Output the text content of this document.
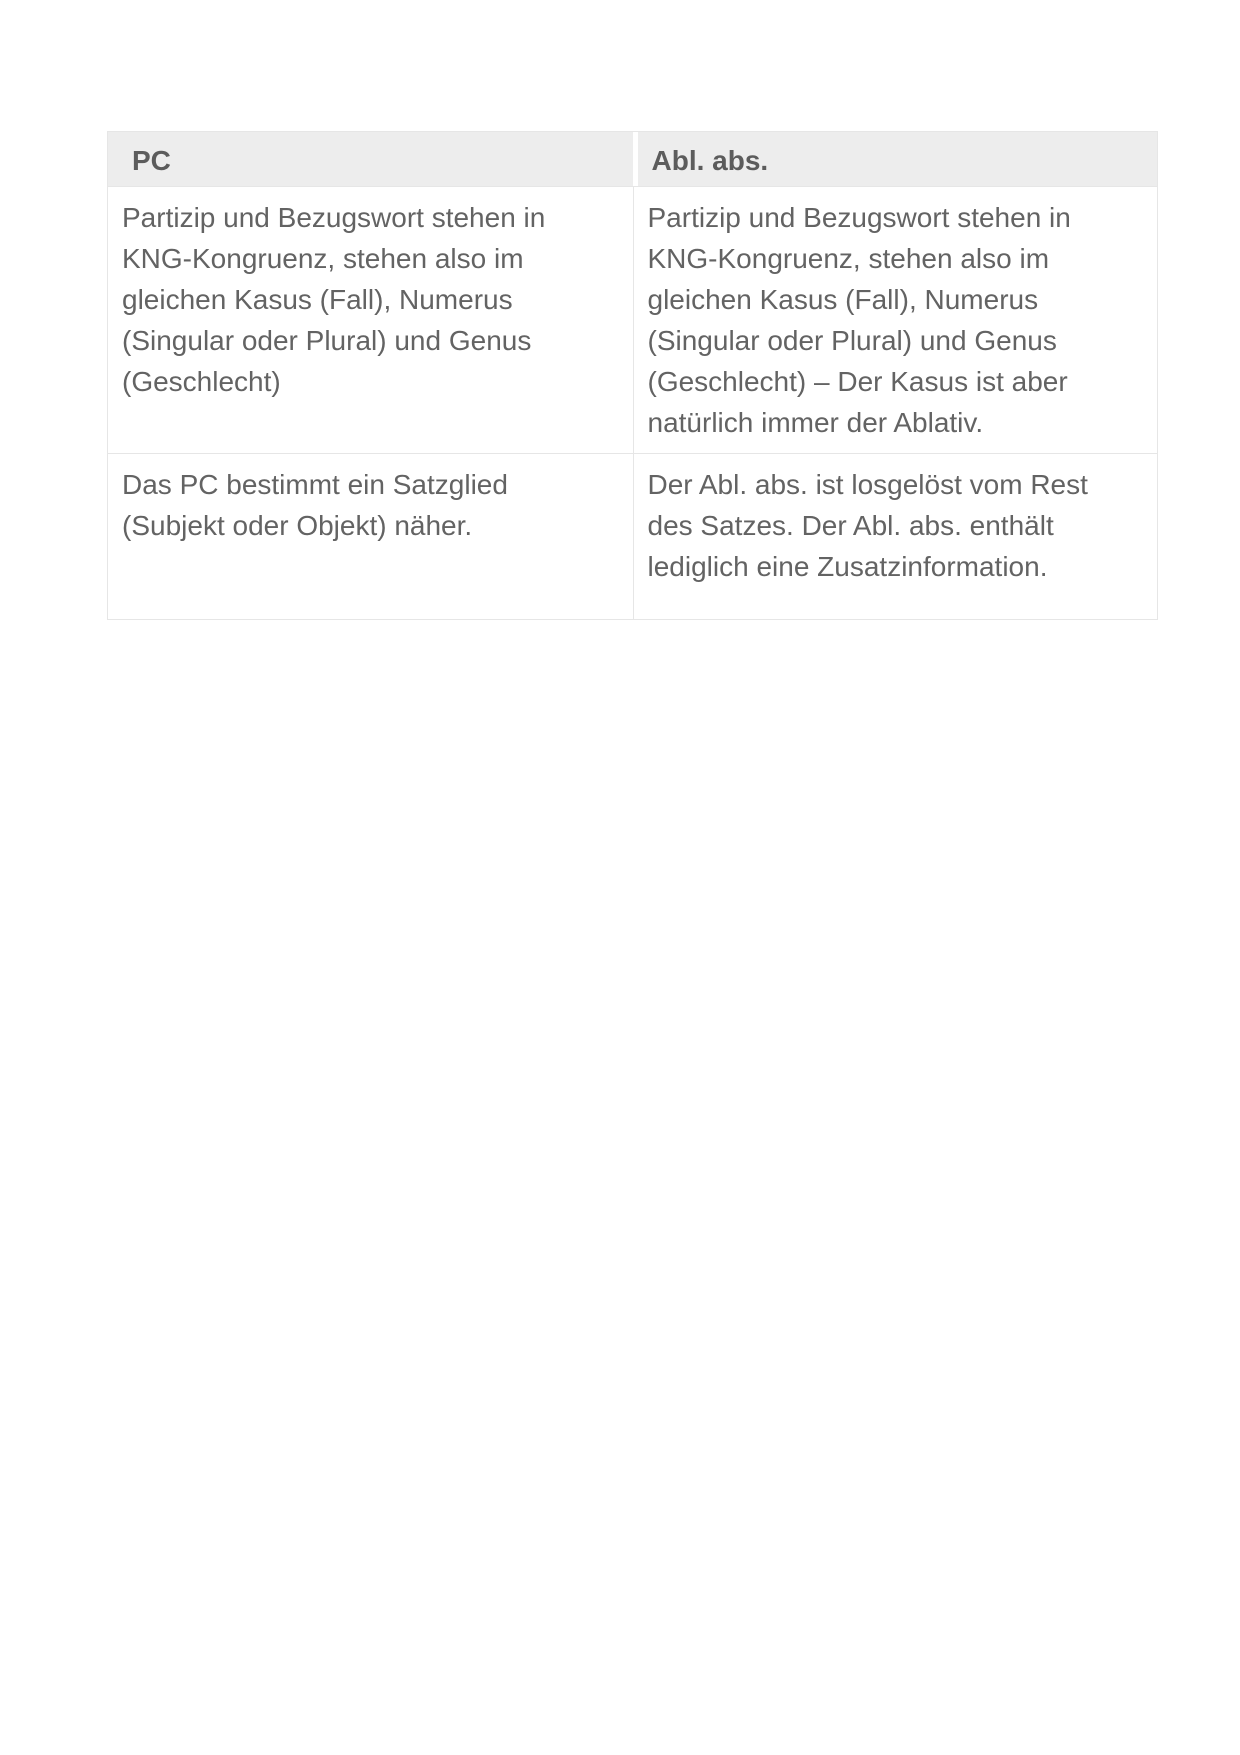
PC	Abl. abs.
Partizip und Bezugswort stehen in KNG-Kongruenz, stehen also im gleichen Kasus (Fall), Numerus (Singular oder Plural) und Genus (Geschlecht)
Partizip und Bezugswort stehen in KNG-Kongruenz, stehen also im gleichen Kasus (Fall), Numerus (Singular oder Plural) und Genus (Geschlecht) – Der Kasus ist aber natürlich immer der Ablativ.
Das PC bestimmt ein Satzglied (Subjekt oder Objekt) näher.
Der Abl. abs. ist losgelöst vom Rest des Satzes. Der Abl. abs. enthält lediglich eine Zusatzinformation.
